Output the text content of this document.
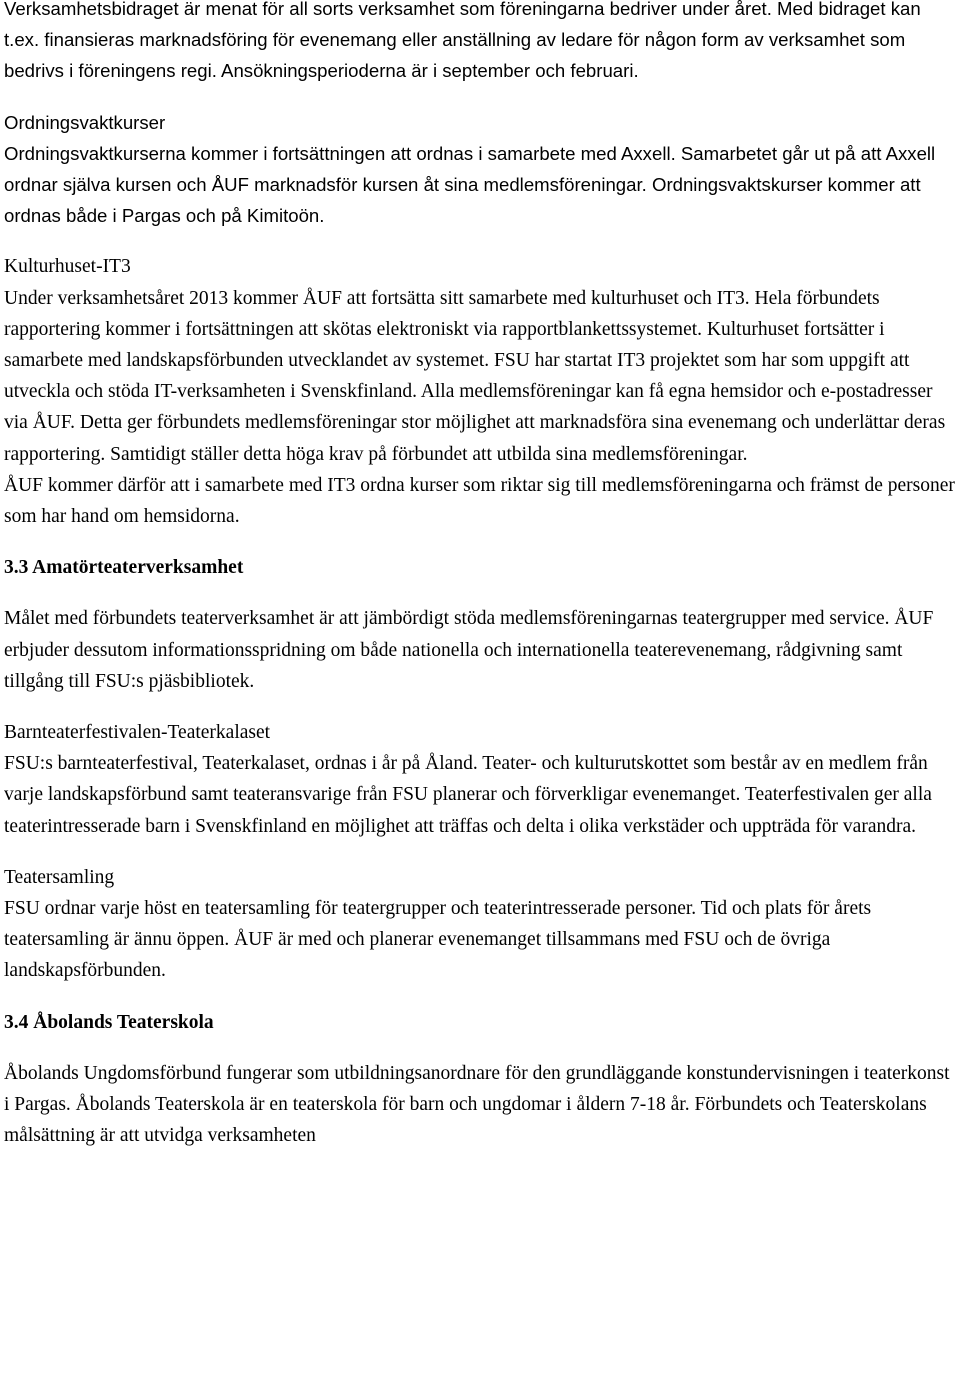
Verksamhetsbidraget är menat för all sorts verksamhet som föreningarna bedriver under året. Med bidraget kan t.ex. finansieras marknadsföring för evenemang eller anställning av ledare för någon form av verksamhet som bedrivs i föreningens regi. Ansökningsperioderna är i september och februari.

Ordningsvaktkurser

Ordningsvaktkurserna kommer i fortsättningen att ordnas i samarbete med Axxell. Samarbetet går ut på att Axxell ordnar själva kursen och ÅUF marknadsför kursen åt sina medlemsföreningar. Ordningsvaktskurser kommer att ordnas både i Pargas och på Kimitoön.

Kulturhuset-IT3

Under verksamhetsåret 2013 kommer ÅUF att fortsätta sitt samarbete med kulturhuset och IT3. Hela förbundets rapportering kommer i fortsättningen att skötas elektroniskt via rapportblankettssystemet. Kulturhuset fortsätter i samarbete med landskapsförbunden utvecklandet av systemet. FSU har startat IT3 projektet som har som uppgift att utveckla och stöda IT-verksamheten i Svenskfinland. Alla medlemsföreningar kan få egna hemsidor och e-postadresser via ÅUF. Detta ger förbundets medlemsföreningar stor möjlighet att marknadsföra sina evenemang och underlättar deras rapportering. Samtidigt ställer detta höga krav på förbundet att utbilda sina medlemsföreningar.

ÅUF kommer därför att i samarbete med IT3 ordna kurser som riktar sig till medlemsföreningarna och främst de personer som har hand om hemsidorna.

3.3 Amatörteaterverksamhet

Målet med förbundets teaterverksamhet är att jämbördigt stöda medlemsföreningarnas teatergrupper med service. ÅUF erbjuder dessutom informationsspridning om både nationella och internationella teaterevenemang, rådgivning samt tillgång till FSU:s pjäsbibliotek.

Barnteaterfestivalen-Teaterkalaset

FSU:s barnteaterfestival, Teaterkalaset, ordnas i år på Åland. Teater- och kulturutskottet som består av en medlem från varje landskapsförbund samt teateransvarige från FSU planerar och förverkligar evenemanget. Teaterfestivalen ger alla teaterintresserade barn i Svenskfinland en möjlighet att träffas och delta i olika verkstäder och uppträda för varandra.

Teatersamling

FSU ordnar varje höst en teatersamling för teatergrupper och teaterintresserade personer. Tid och plats för årets teatersamling är ännu öppen. ÅUF är med och planerar evenemanget tillsammans med FSU och de övriga landskapsförbunden.

3.4 Åbolands Teaterskola

Åbolands Ungdomsförbund fungerar som utbildningsanordnare för den grundläggande konstundervisningen i teaterkonst i Pargas. Åbolands Teaterskola är en teaterskola för barn och ungdomar i åldern 7-18 år. Förbundets och Teaterskolans målsättning är att utvidga verksamheten
